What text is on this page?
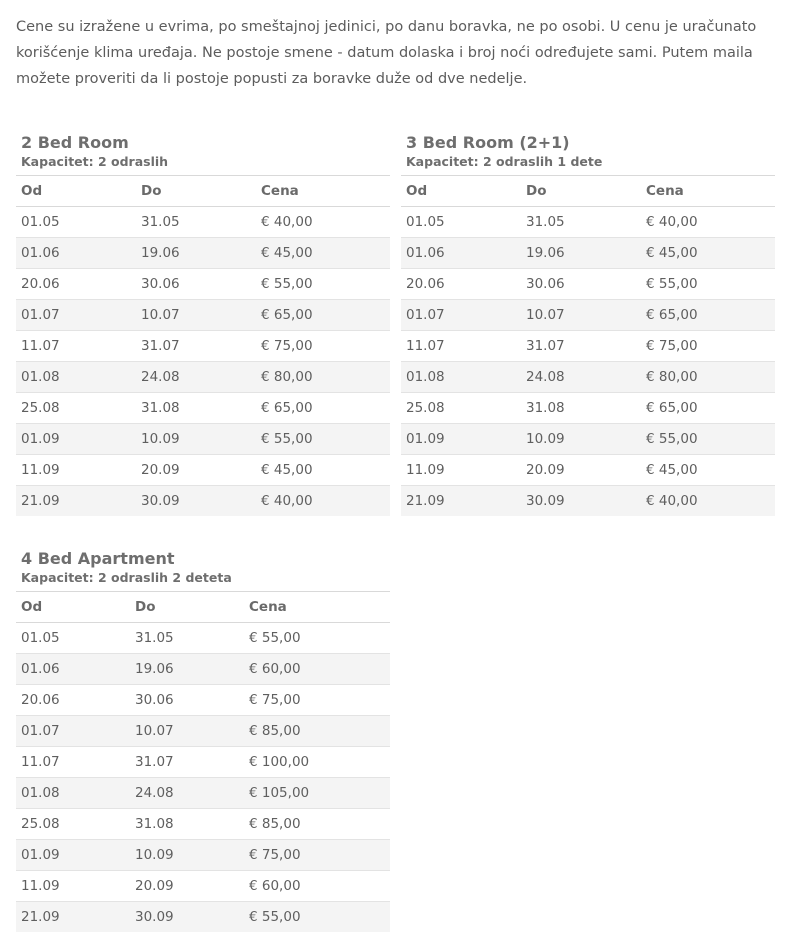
Cene su izražene u evrima, po smeštajnoj jedinici, po danu boravka, ne po osobi. U cenu je uračunato korišćenje klima uređaja. Ne postoje smene - datum dolaska i broj noći određujete sami. Putem maila možete proveriti da li postoje popusti za boravke duže od dve nedelje.

2 Bed Room
Kapacitet: 2 odraslih
Od	Do	Cena
01.05	31.05	€ 40,00
01.06	19.06	€ 45,00
20.06	30.06	€ 55,00
01.07	10.07	€ 65,00
11.07	31.07	€ 75,00
01.08	24.08	€ 80,00
25.08	31.08	€ 65,00
01.09	10.09	€ 55,00
11.09	20.09	€ 45,00
21.09	30.09	€ 40,00
3 Bed Room (2+1)
Kapacitet: 2 odraslih 1 dete
Od	Do	Cena
01.05	31.05	€ 40,00
01.06	19.06	€ 45,00
20.06	30.06	€ 55,00
01.07	10.07	€ 65,00
11.07	31.07	€ 75,00
01.08	24.08	€ 80,00
25.08	31.08	€ 65,00
01.09	10.09	€ 55,00
11.09	20.09	€ 45,00
21.09	30.09	€ 40,00
4 Bed Apartment
Kapacitet: 2 odraslih 2 deteta
Od	Do	Cena
01.05	31.05	€ 55,00
01.06	19.06	€ 60,00
20.06	30.06	€ 75,00
01.07	10.07	€ 85,00
11.07	31.07	€ 100,00
01.08	24.08	€ 105,00
25.08	31.08	€ 85,00
01.09	10.09	€ 75,00
11.09	20.09	€ 60,00
21.09	30.09	€ 55,00
